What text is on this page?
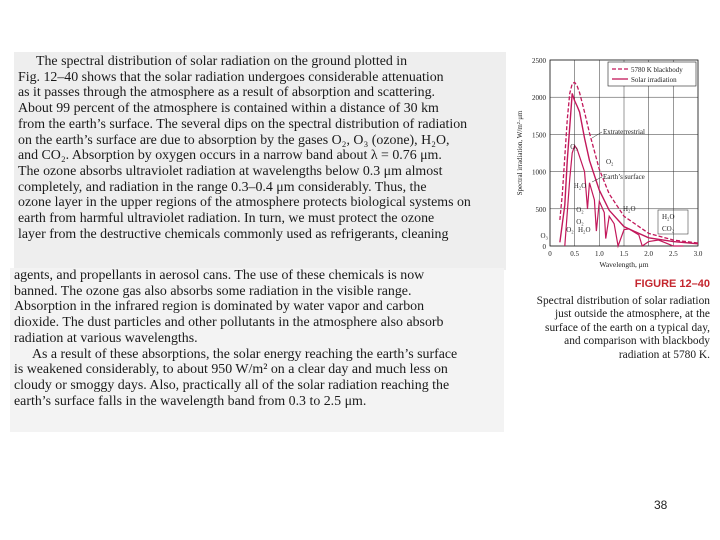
The spectral distribution of solar radiation on the ground plotted in
Fig. 12–40 shows that the solar radiation undergoes considerable attenuation
as it passes through the atmosphere as a result of absorption and scattering.
About 99 percent of the atmosphere is contained within a distance of 30 km
from the earth’s surface. The several dips on the spectral distribution of radiation
on the earth’s surface are due to absorption by the gases O₂, O₃ (ozone), H₂O,
and CO₂. Absorption by oxygen occurs in a narrow band about λ = 0.76 μm.
The ozone absorbs ultraviolet radiation at wavelengths below 0.3 μm almost
completely, and radiation in the range 0.3–0.4 μm considerably. Thus, the
ozone layer in the upper regions of the atmosphere protects biological systems on
earth from harmful ultraviolet radiation. In turn, we must protect the ozone
layer from the destructive chemicals commonly used as refrigerants, cleaning

agents, and propellants in aerosol cans. The use of these chemicals is now
banned. The ozone gas also absorbs some radiation in the visible range.
Absorption in the infrared region is dominated by water vapor and carbon
dioxide. The dust particles and other pollutants in the atmosphere also absorb
radiation at various wavelengths.
As a result of these absorptions, the solar energy reaching the earth’s surface
is weakened considerably, to about 950 W/m² on a clear day and much less on
cloudy or smoggy days. Also, practically all of the solar radiation reaching the
earth’s surface falls in the wavelength band from 0.3 to 2.5 μm.

0
500
1000
1500
2000
2500
0	0.5 1.0 1.5 2.0 2.5 3.0
Wavelength, μm
Spectral irradiation, W/m²·μm
5780 K blackbody
Solar irradiation
Extraterrestrial
O₃
O₂
H₂O
O₂
Earth’s surface
O₂
H₂O
O₂ H₂O
H₂O
CO₂
O₃
FIGURE 12–40
Spectral distribution of solar radiation
just outside the atmosphere, at the
surface of the earth on a typical day,
and comparison with blackbody
radiation at 5780 K.
38
